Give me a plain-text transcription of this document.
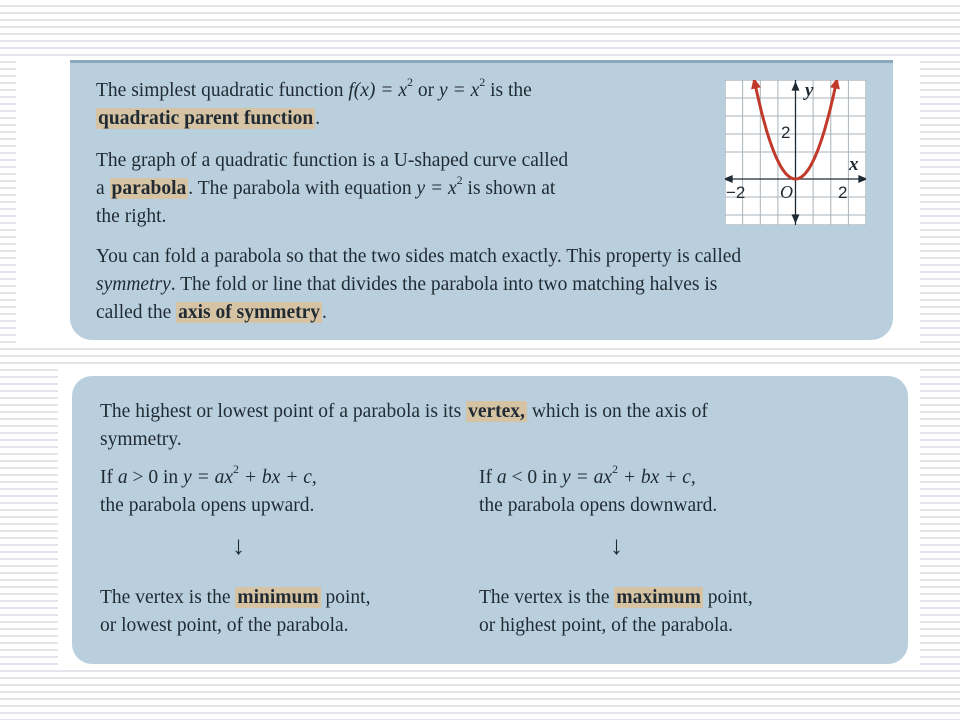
The simplest quadratic function $f(x) = x^2$ or $y = x^2$ is the
quadratic parent function .

The graph of a quadratic function is a U-shaped curve called
a parabola . The parabola with equation $y = x^2$ is shown at
the right.

You can fold a parabola so that the two sides match exactly. This property is called
symmetry. The fold or line that divides the parabola into two matching halves is
called the axis of symmetry .

y
x
2
−2	2
O

The highest or lowest point of a parabola is its vertex, which is on the axis of
symmetry.

If a > 0 in $y = ax^2$ + bx + c,
the parabola opens upward.

If a < 0 in $y = ax^2$ + bx + c,
the parabola opens downward.

↓	↓

The vertex is the minimum point,
or lowest point, of the parabola.

The vertex is the maximum point,
or highest point, of the parabola.
